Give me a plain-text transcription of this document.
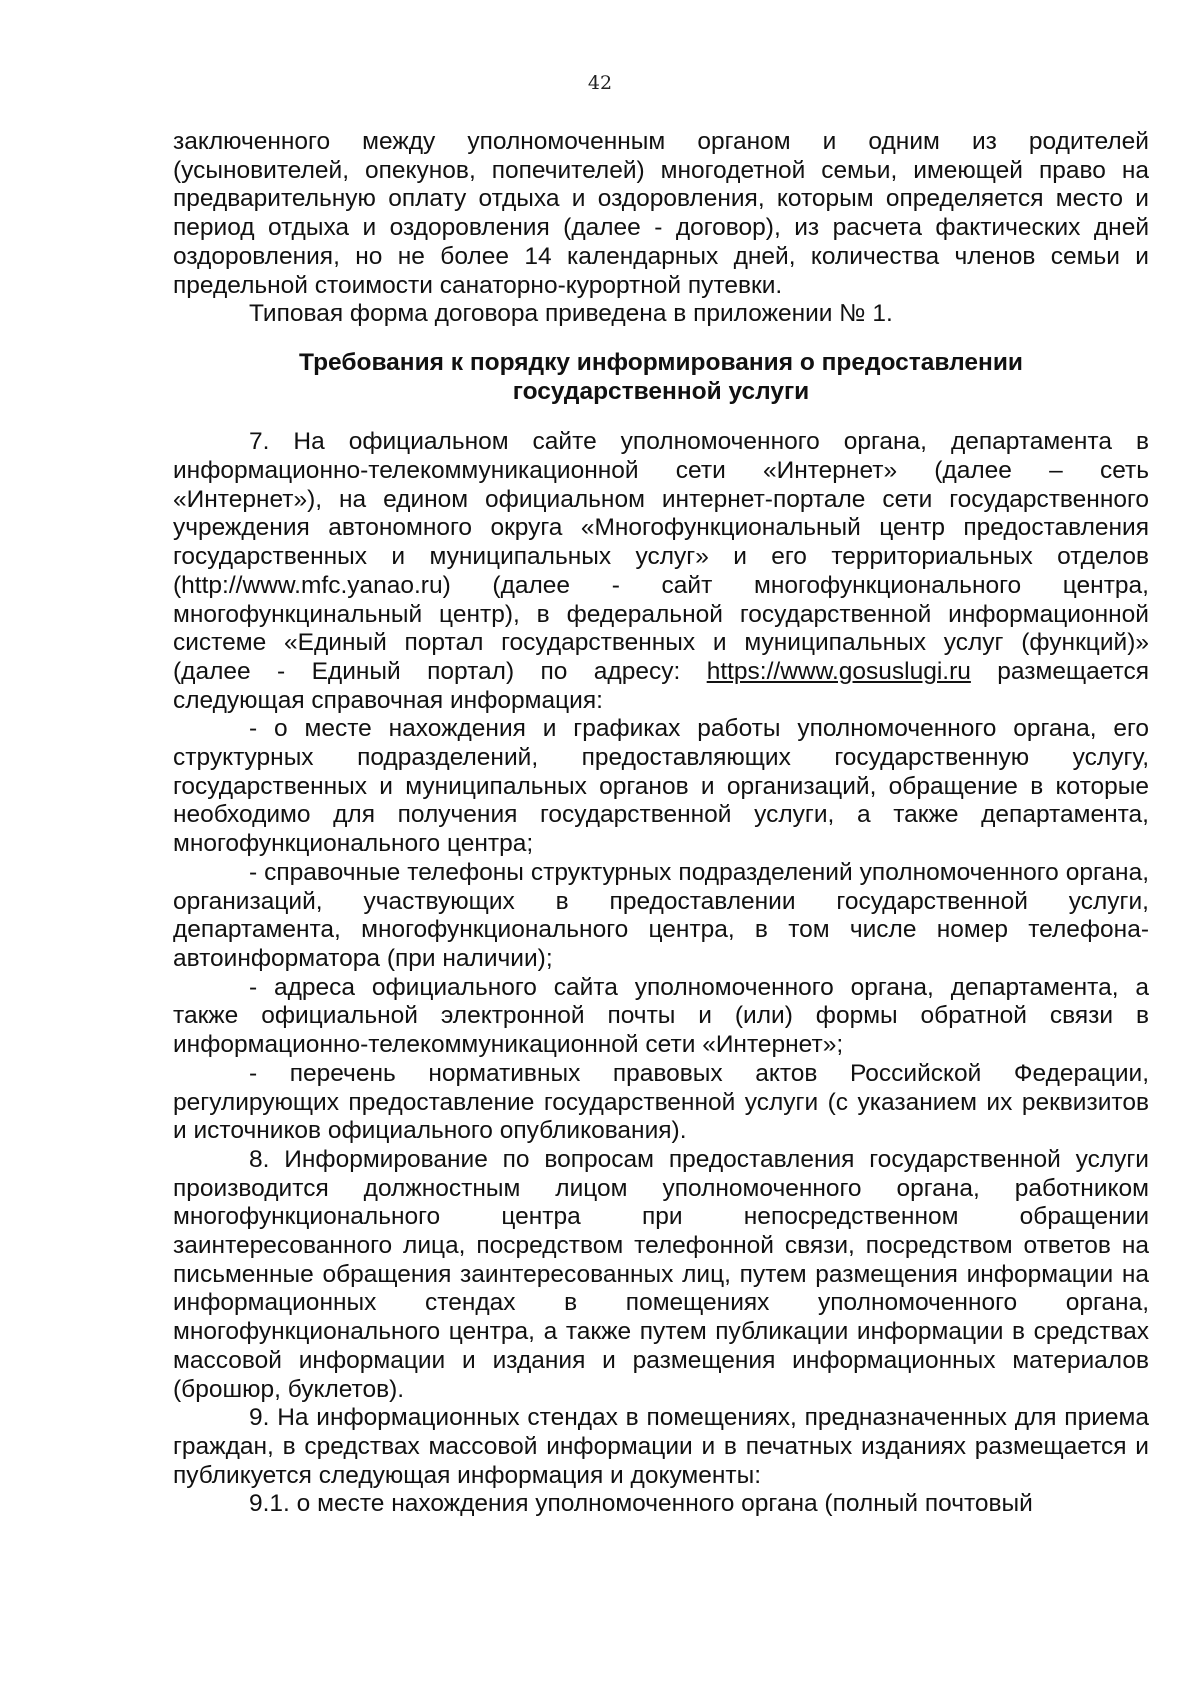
42

заключенного между уполномоченным органом и одним из родителей (усыновителей, опекунов, попечителей) многодетной семьи, имеющей право на предварительную оплату отдыха и оздоровления, которым определяется место и период отдыха и оздоровления (далее - договор), из расчета фактических дней оздоровления, но не более 14 календарных дней, количества членов семьи и предельной стоимости санаторно-курортной путевки.

Типовая форма договора приведена в приложении № 1.

Требования к порядку информирования о предоставлении
государственной услуги

7. На официальном сайте уполномоченного органа, департамента в информационно-телекоммуникационной сети «Интернет» (далее – сеть «Интернет»), на едином официальном интернет-портале сети государственного учреждения автономного округа «Многофункциональный центр предоставления государственных и муниципальных услуг» и его территориальных отделов (http://www.mfc.yanao.ru) (далее - сайт многофункционального центра, многофункцинальный центр), в федеральной государственной информационной системе «Единый портал государственных и муниципальных услуг (функций)» (далее - Единый портал) по адресу: https://www.gosuslugi.ru размещается следующая справочная информация:

- о месте нахождения и графиках работы уполномоченного органа, его структурных подразделений, предоставляющих государственную услугу, государственных и муниципальных органов и организаций, обращение в которые необходимо для получения государственной услуги, а также департамента, многофункционального центра;

- справочные телефоны структурных подразделений уполномоченного органа, организаций, участвующих в предоставлении государственной услуги, департамента, многофункционального центра, в том числе номер телефона-автоинформатора (при наличии);

- адреса официального сайта уполномоченного органа, департамента, а также официальной электронной почты и (или) формы обратной связи в информационно-телекоммуникационной сети «Интернет»;

- перечень нормативных правовых актов Российской Федерации, регулирующих предоставление государственной услуги (с указанием их реквизитов и источников официального опубликования).

8. Информирование по вопросам предоставления государственной услуги производится должностным лицом уполномоченного органа, работником многофункционального центра при непосредственном обращении заинтересованного лица, посредством телефонной связи, посредством ответов на письменные обращения заинтересованных лиц, путем размещения информации на информационных стендах в помещениях уполномоченного органа, многофункционального центра, а также путем публикации информации в средствах массовой информации и издания и размещения информационных материалов (брошюр, буклетов).

9. На информационных стендах в помещениях, предназначенных для приема граждан, в средствах массовой информации и в печатных изданиях размещается и публикуется следующая информация и документы:

9.1. о месте нахождения уполномоченного органа (полный почтовый
